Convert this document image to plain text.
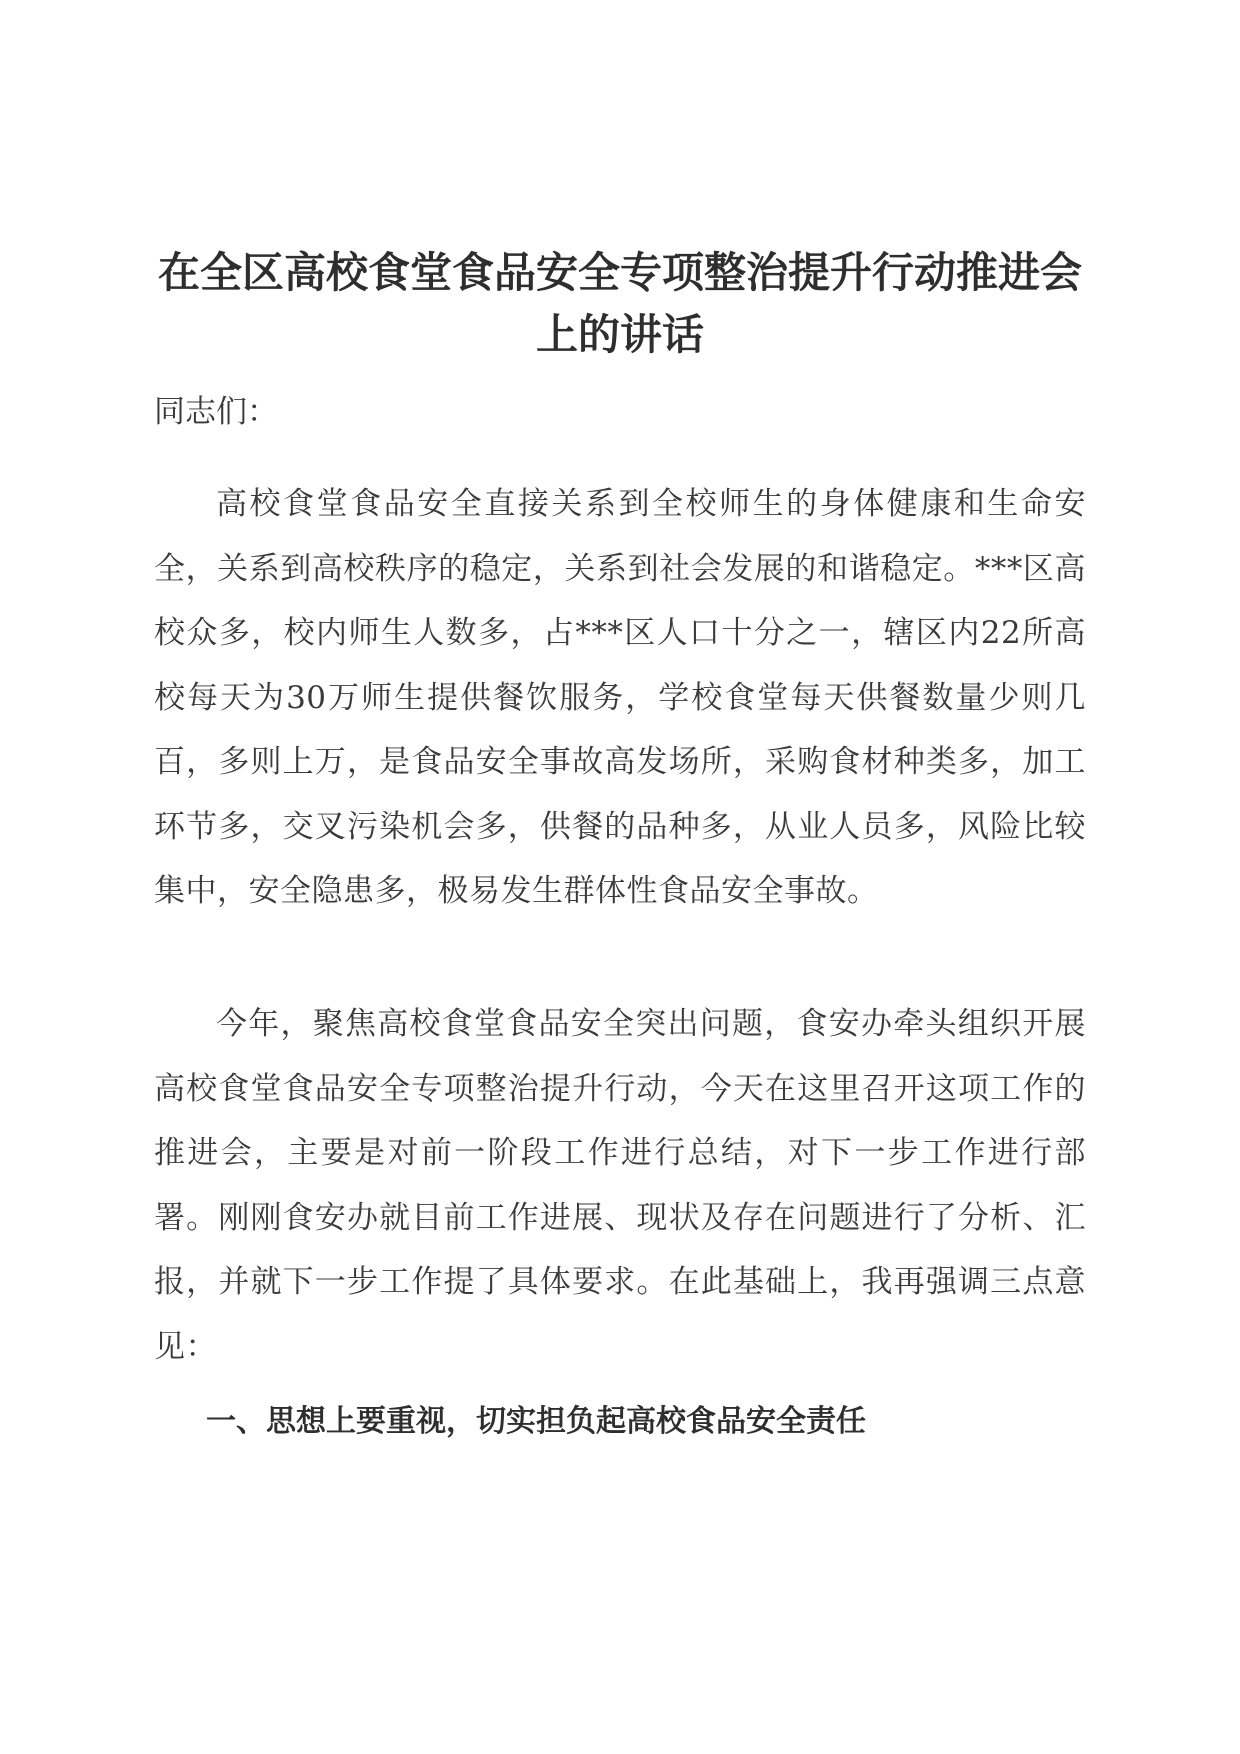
在全区高校食堂食品安全专项整治提升行动推进会上的讲话

同志们：

高校食堂食品安全直接关系到全校师生的身体健康和生命安全，关系到高校秩序的稳定，关系到社会发展的和谐稳定。***区高校众多，校内师生人数多，占***区人口十分之一，辖区内22所高校每天为30万师生提供餐饮服务，学校食堂每天供餐数量少则几百，多则上万，是食品安全事故高发场所，采购食材种类多，加工环节多，交叉污染机会多，供餐的品种多，从业人员多，风险比较集中，安全隐患多，极易发生群体性食品安全事故。

今年，聚焦高校食堂食品安全突出问题，食安办牵头组织开展高校食堂食品安全专项整治提升行动，今天在这里召开这项工作的推进会，主要是对前一阶段工作进行总结，对下一步工作进行部署。刚刚食安办就目前工作进展、现状及存在问题进行了分析、汇报，并就下一步工作提了具体要求。在此基础上，我再强调三点意见：

一、思想上要重视，切实担负起高校食品安全责任
